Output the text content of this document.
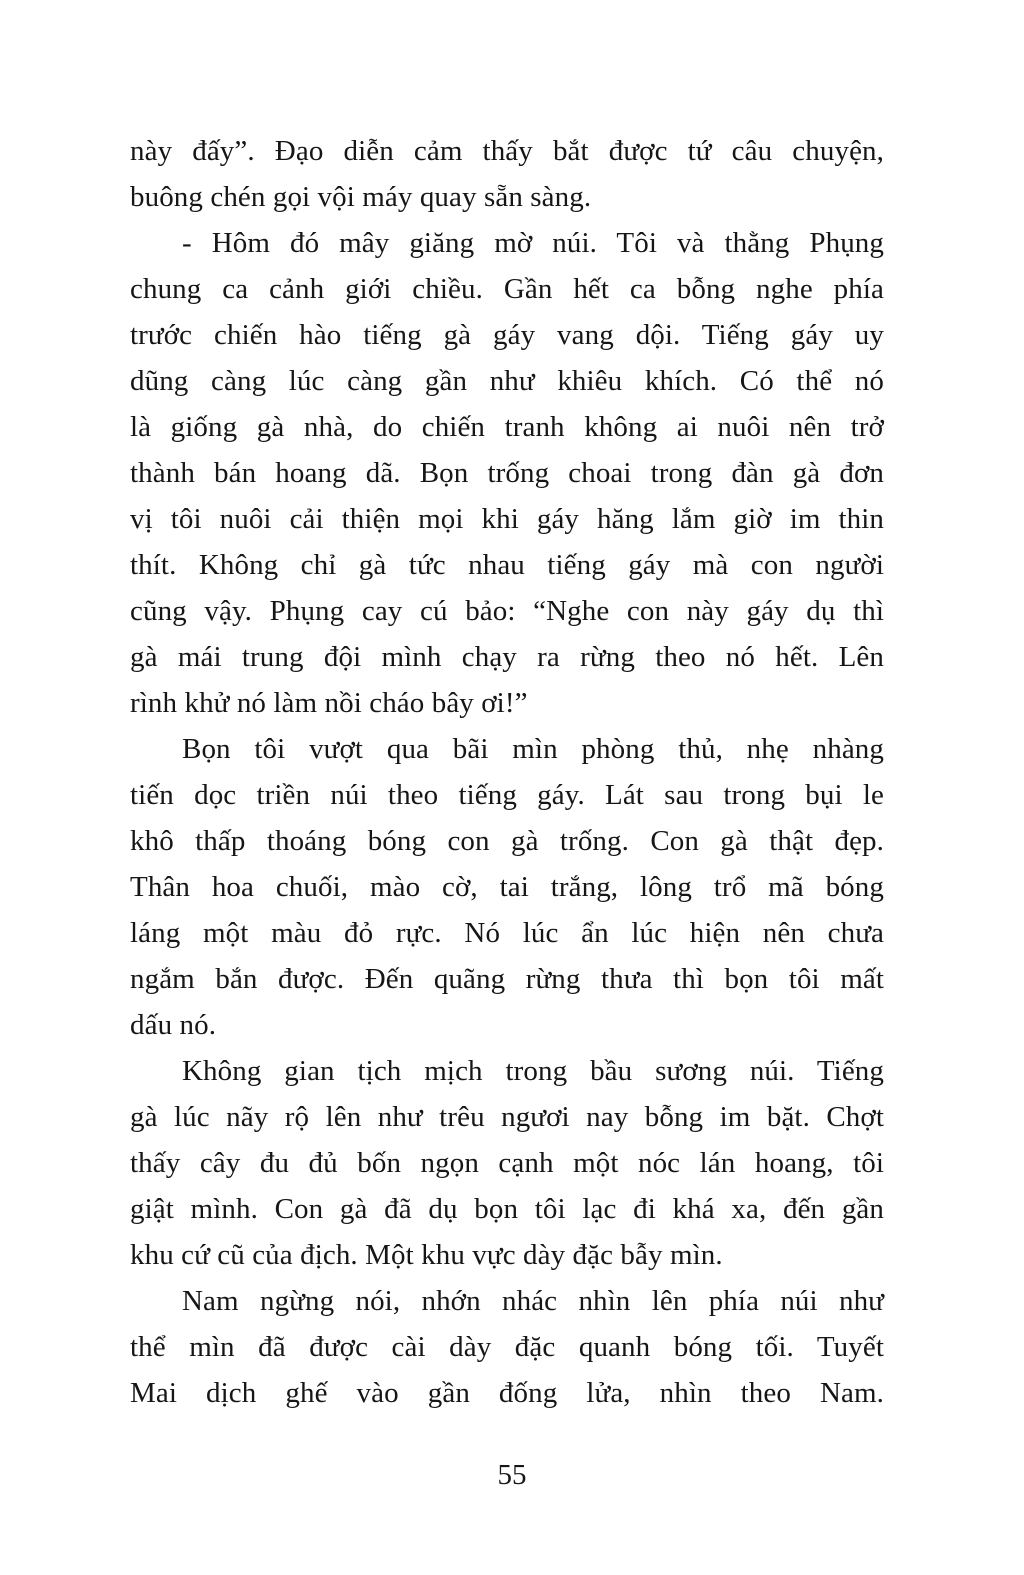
này đấy”. Đạo diễn cảm thấy bắt được tứ câu chuyện,
buông chén gọi vội máy quay sẵn sàng.
- Hôm đó mây giăng mờ núi. Tôi và thằng Phụng
chung ca cảnh giới chiều. Gần hết ca bỗng nghe phía
trước chiến hào tiếng gà gáy vang dội. Tiếng gáy uy
dũng càng lúc càng gần như khiêu khích. Có thể nó
là giống gà nhà, do chiến tranh không ai nuôi nên trở
thành bán hoang dã. Bọn trống choai trong đàn gà đơn
vị tôi nuôi cải thiện mọi khi gáy hăng lắm giờ im thin
thít. Không chỉ gà tức nhau tiếng gáy mà con người
cũng vậy. Phụng cay cú bảo: “Nghe con này gáy dụ thì
gà mái trung đội mình chạy ra rừng theo nó hết. Lên
rình khử nó làm nồi cháo bây ơi!”
Bọn tôi vượt qua bãi mìn phòng thủ, nhẹ nhàng
tiến dọc triền núi theo tiếng gáy. Lát sau trong bụi le
khô thấp thoáng bóng con gà trống. Con gà thật đẹp.
Thân hoa chuối, mào cờ, tai trắng, lông trổ mã bóng
láng một màu đỏ rực. Nó lúc ẩn lúc hiện nên chưa
ngắm bắn được. Đến quãng rừng thưa thì bọn tôi mất
dấu nó.
Không gian tịch mịch trong bầu sương núi. Tiếng
gà lúc nãy rộ lên như trêu ngươi nay bỗng im bặt. Chợt
thấy cây đu đủ bốn ngọn cạnh một nóc lán hoang, tôi
giật mình. Con gà đã dụ bọn tôi lạc đi khá xa, đến gần
khu cứ cũ của địch. Một khu vực dày đặc bẫy mìn.
Nam ngừng nói, nhớn nhác nhìn lên phía núi như
thể mìn đã được cài dày đặc quanh bóng tối. Tuyết
Mai dịch ghế vào gần đống lửa, nhìn theo Nam.
55
